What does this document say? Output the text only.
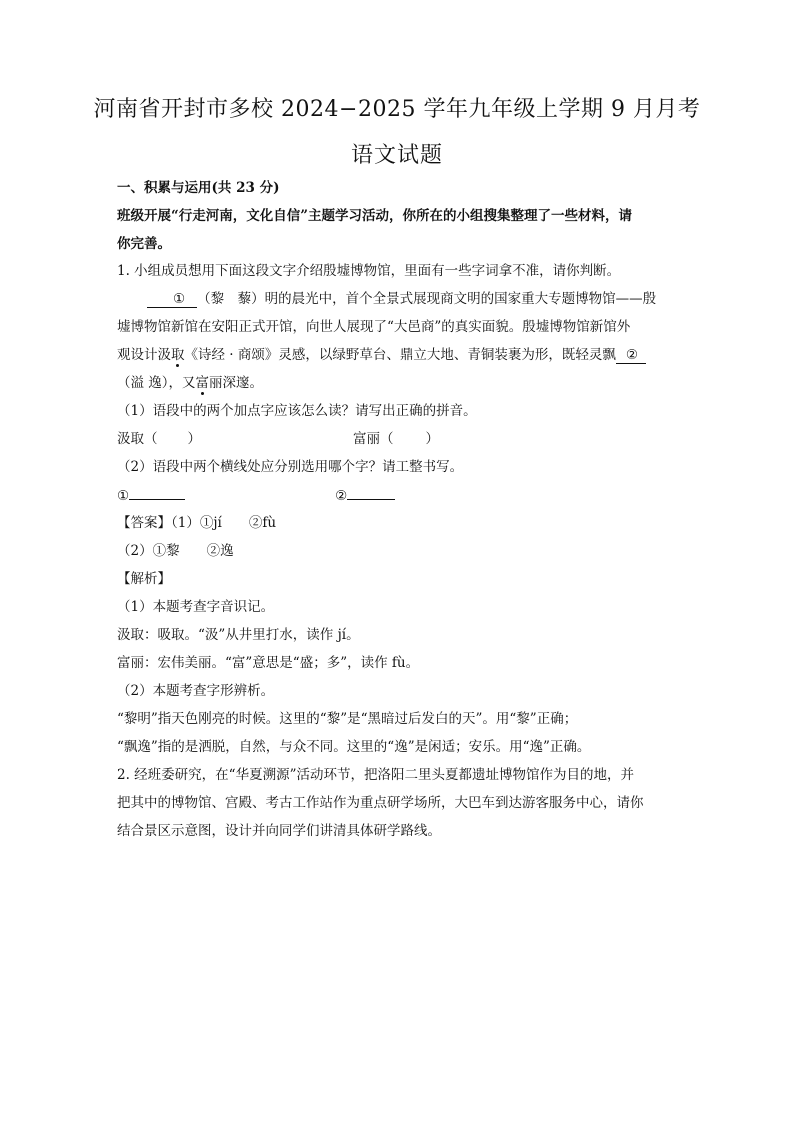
河南省开封市多校 2024−2025 学年九年级上学期 9 月月考
语文试题
一、积累与运用(共 23 分)
班级开展“行走河南，文化自信”主题学习活动，你所在的小组搜集整理了一些材料，请
你完善。
1. 小组成员想用下面这段文字介绍殷墟博物馆，里面有一些字词拿不准，请你判断。
① （黎　藜）明的晨光中，首个全景式展现商文明的国家重大专题博物馆——殷
墟博物馆新馆在安阳正式开馆，向世人展现了“大邑商”的真实面貌。殷墟博物馆新馆外
观设计汲取《诗经 · 商颂》灵感，以绿野草台、鼎立大地、青铜装裹为形，既轻灵飘 ②
（溢 逸），又富丽深邃。
（1）语段中的两个加点字应该怎么读？请写出正确的拼音。
汲取（ ）	富丽（ ）
（2）语段中两个横线处应分别选用哪个字？请工整书写。
①	②
【答案】（1）①jí　　②fù
（2）①黎　　②逸
【解析】
（1）本题考查字音识记。
汲取：吸取。“汲”从井里打水，读作 jí。
富丽：宏伟美丽。“富”意思是“盛；多”，读作 fù。
（2）本题考查字形辨析。
“黎明”指天色刚亮的时候。这里的“黎”是“黑暗过后发白的天”。用“黎”正确；
“飘逸”指的是洒脱，自然，与众不同。这里的“逸”是闲适；安乐。用“逸”正确。
2. 经班委研究，在“华夏溯源”活动环节，把洛阳二里头夏都遗址博物馆作为目的地，并
把其中的博物馆、宫殿、考古工作站作为重点研学场所，大巴车到达游客服务中心，请你
结合景区示意图，设计并向同学们讲清具体研学路线。
